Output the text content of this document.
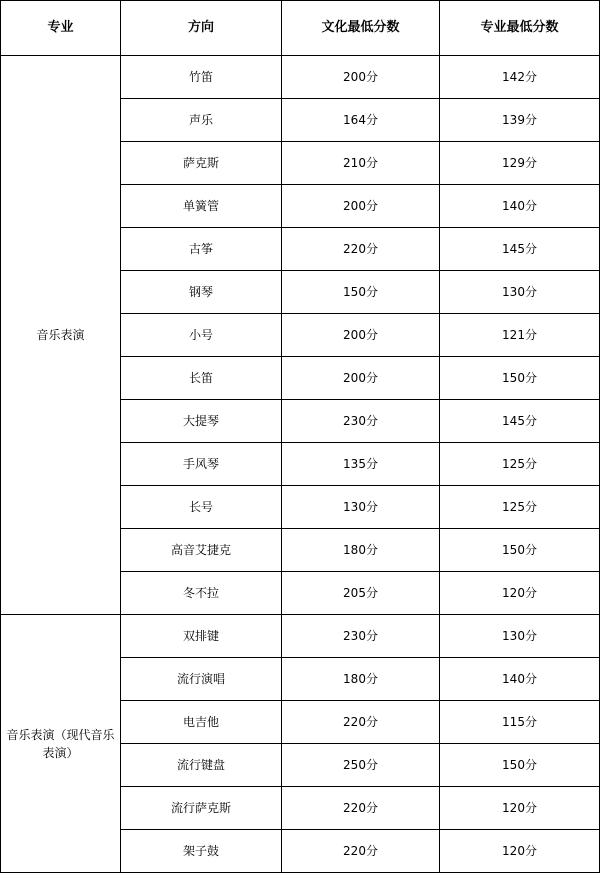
专业	方向	文化最低分数	专业最低分数
音乐表演	竹笛	200分	142分
	声乐	164分	139分
	萨克斯	210分	129分
	单簧管	200分	140分
	古筝	220分	145分
	钢琴	150分	130分
	小号	200分	121分
	长笛	200分	150分
	大提琴	230分	145分
	手风琴	135分	125分
	长号	130分	125分
	高音艾捷克	180分	150分
	冬不拉	205分	120分
音乐表演（现代音乐表演）	双排键	230分	130分
	流行演唱	180分	140分
	电吉他	220分	115分
	流行键盘	250分	150分
	流行萨克斯	220分	120分
	架子鼓	220分	120分
